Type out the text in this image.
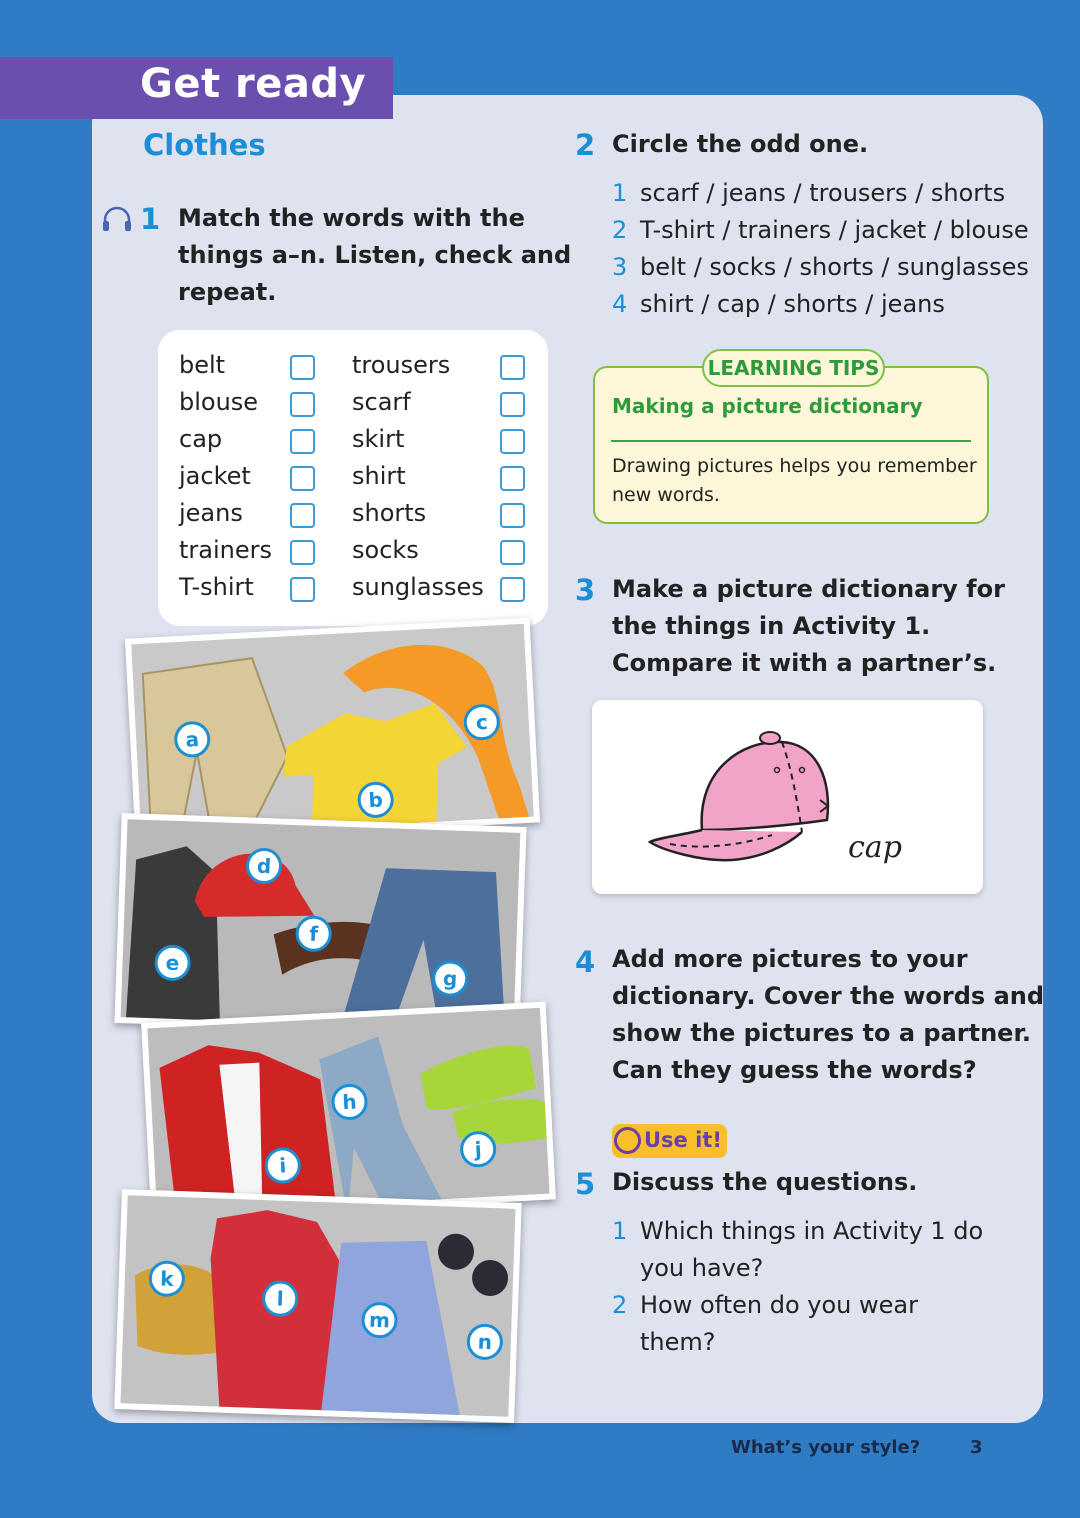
Get ready
Clothes
1 Match the words with the
things a–n. Listen, check and
repeat.
belt
blouse
cap
jacket
jeans
trainers
T-shirt
trousers
scarf
skirt
shirt
shorts
socks
sunglasses
a
b
c
d
e
f
g
h
i
j
k
l
m
n
2 Circle the odd one.
1 scarf / jeans / trousers / shorts
2 T-shirt / trainers / jacket / blouse
3 belt / socks / shorts / sunglasses
4 shirt / cap / shorts / jeans
LEARNING TIPS
Making a picture dictionary
Drawing pictures helps you remember
new words.
3 Make a picture dictionary for
the things in Activity 1.
Compare it with a partner’s.
cap
4 Add more pictures to your
dictionary. Cover the words and
show the pictures to a partner.
Can they guess the words?
Use it!
5 Discuss the questions.
1 Which things in Activity 1 do
you have?
2 How often do you wear
them?
What’s your style?	3
